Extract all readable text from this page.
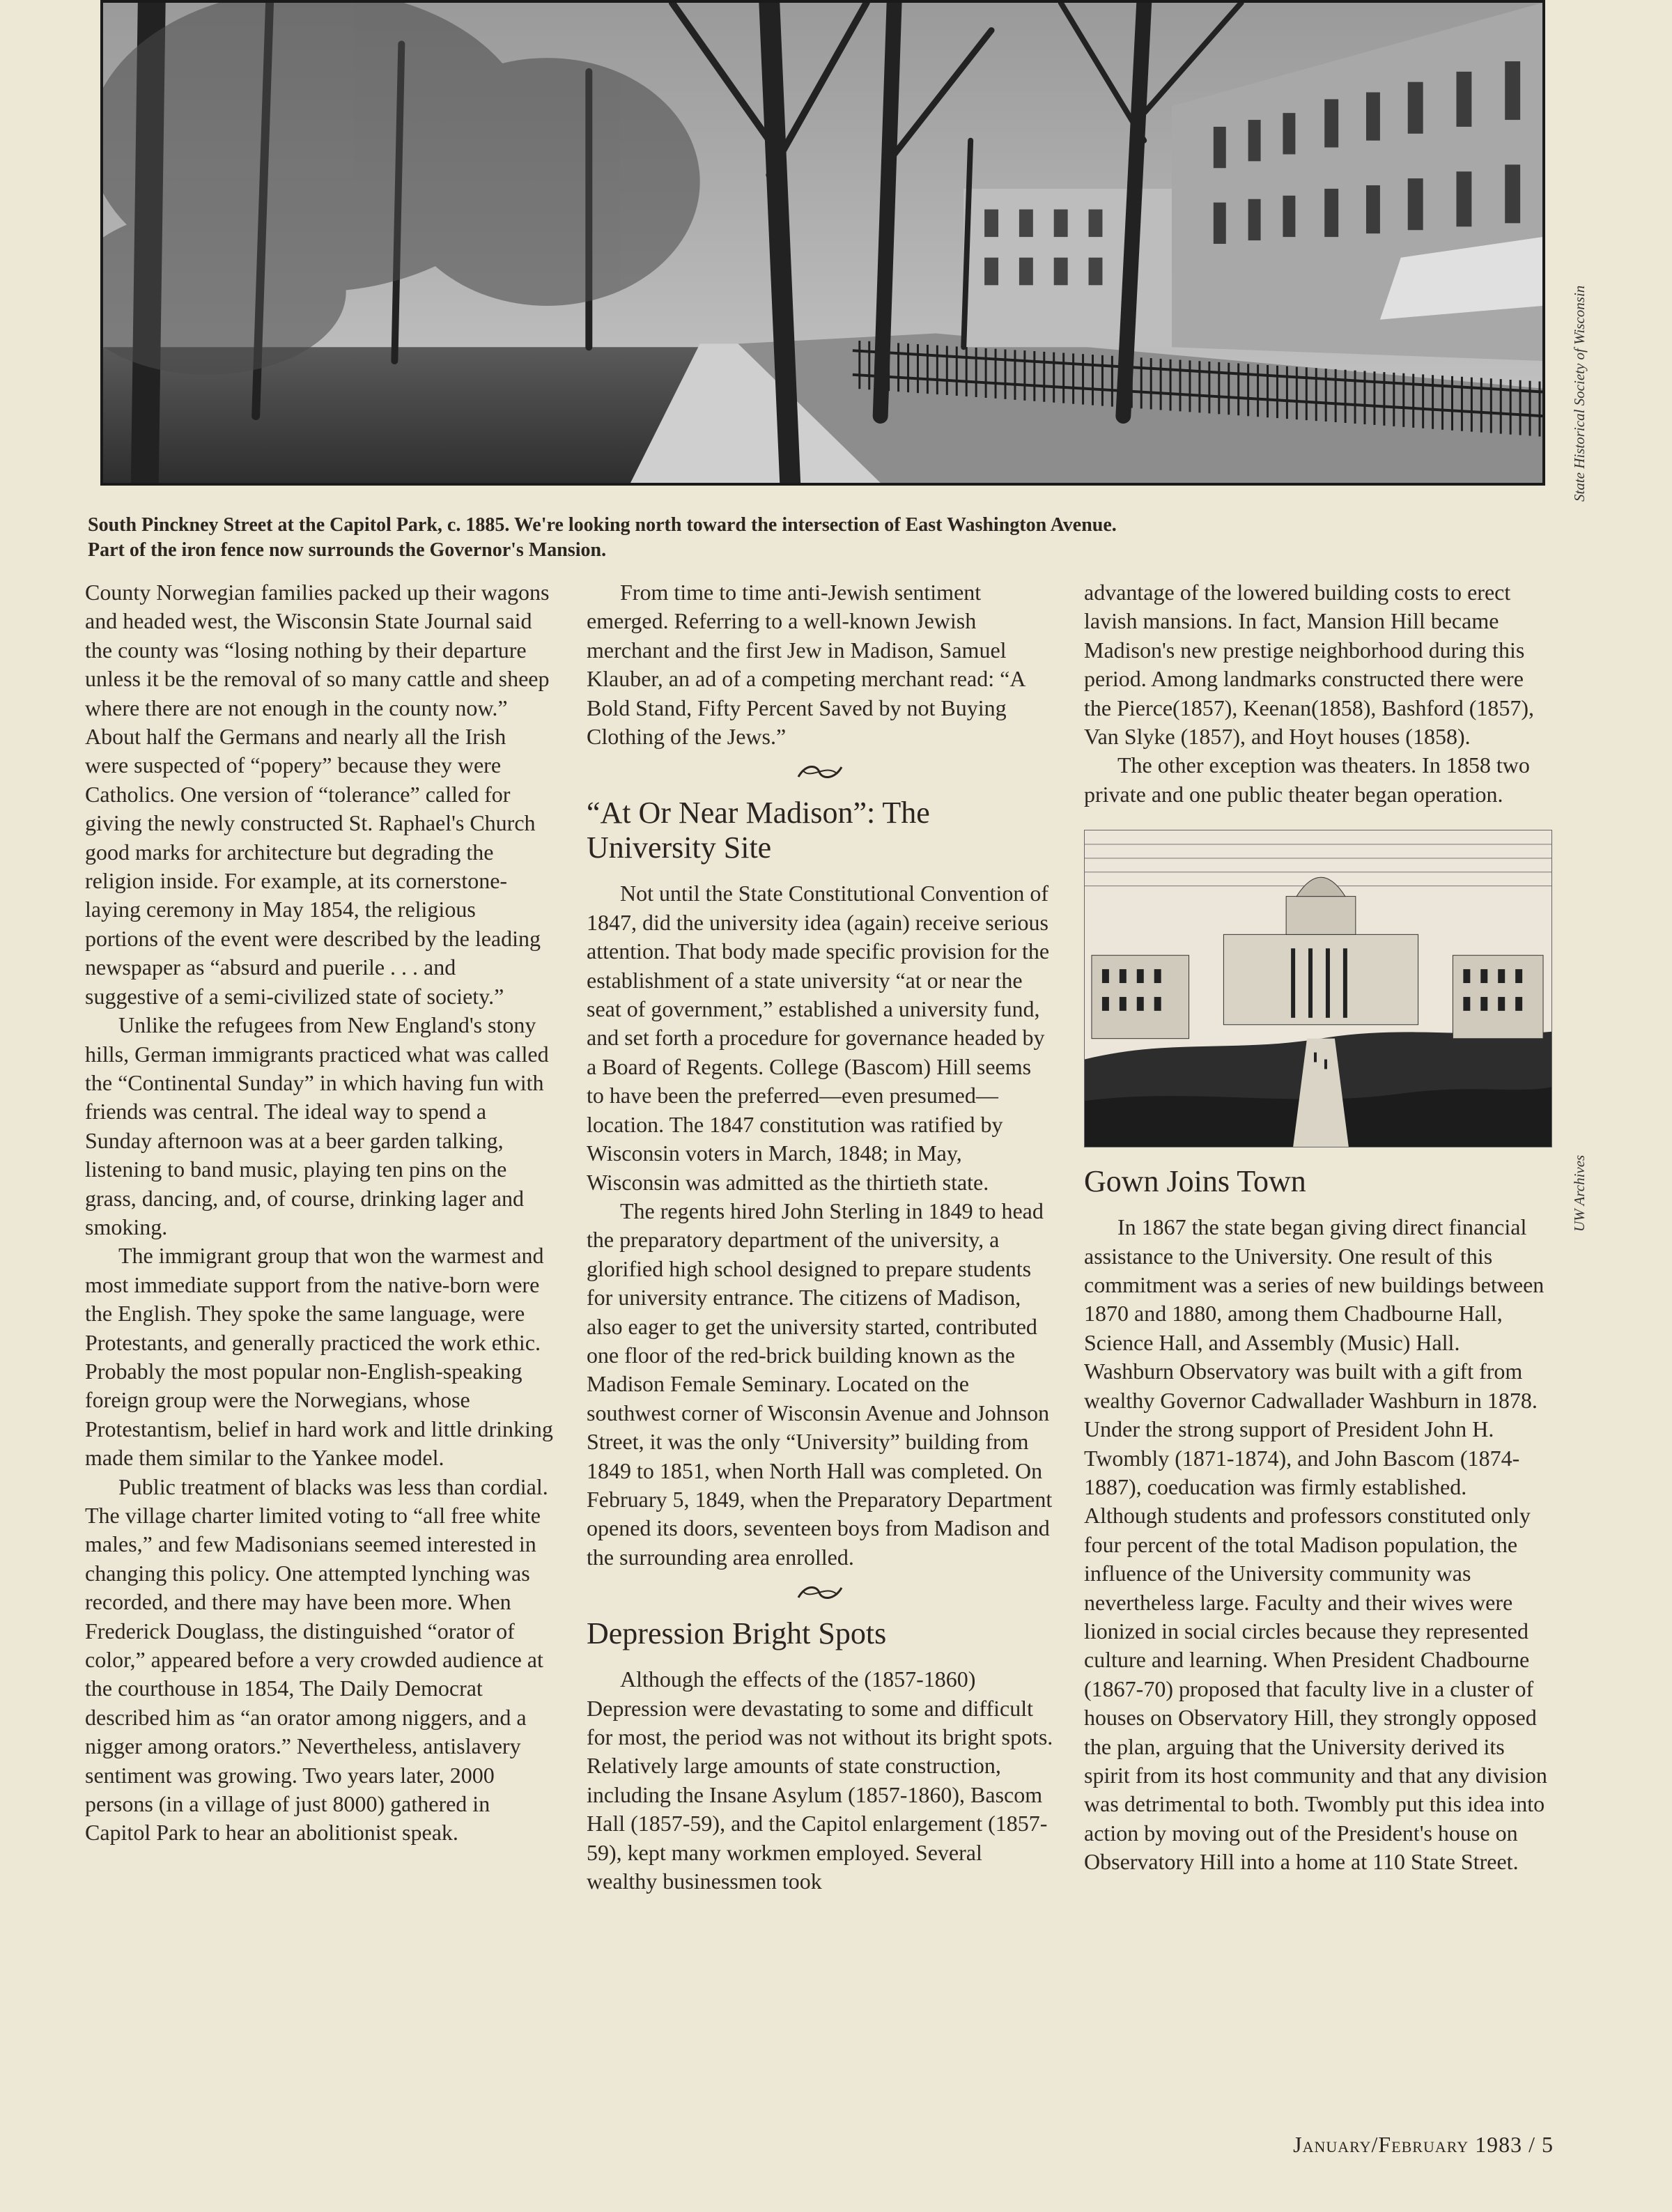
State Historical Society of Wisconsin
South Pinckney Street at the Capitol Park, c. 1885. We're looking north toward the intersection of East Washington Avenue.
Part of the iron fence now surrounds the Governor's Mansion.

County Norwegian families packed up their wagons and headed west, the Wisconsin State Journal said the county was “losing nothing by their departure unless it be the removal of so many cattle and sheep where there are not enough in the county now.” About half the Germans and nearly all the Irish were suspected of “popery” because they were Catholics. One version of “tolerance” called for giving the newly constructed St. Raphael's Church good marks for architecture but degrading the religion inside. For example, at its cornerstone-laying ceremony in May 1854, the religious portions of the event were described by the leading newspaper as “absurd and puerile . . . and suggestive of a semi-civilized state of society.”

Unlike the refugees from New England's stony hills, German immigrants practiced what was called the “Continental Sunday” in which having fun with friends was central. The ideal way to spend a Sunday afternoon was at a beer garden talking, listening to band music, playing ten pins on the grass, dancing, and, of course, drinking lager and smoking.

The immigrant group that won the warmest and most immediate support from the native-born were the English. They spoke the same language, were Protestants, and generally practiced the work ethic. Probably the most popular non-English-speaking foreign group were the Norwegians, whose Protestantism, belief in hard work and little drinking made them similar to the Yankee model.

Public treatment of blacks was less than cordial. The village charter limited voting to “all free white males,” and few Madisonians seemed interested in changing this policy. One attempted lynching was recorded, and there may have been more. When Frederick Douglass, the distinguished “orator of color,” appeared before a very crowded audience at the courthouse in 1854, The Daily Democrat described him as “an orator among niggers, and a nigger among orators.” Nevertheless, antislavery sentiment was growing. Two years later, 2000 persons (in a village of just 8000) gathered in Capitol Park to hear an abolitionist speak.

From time to time anti-Jewish sentiment emerged. Referring to a well-known Jewish merchant and the first Jew in Madison, Samuel Klauber, an ad of a competing merchant read: “A Bold Stand, Fifty Percent Saved by not Buying Clothing of the Jews.”

“At Or Near Madison”: The University Site

Not until the State Constitutional Convention of 1847, did the university idea (again) receive serious attention. That body made specific provision for the establishment of a state university “at or near the seat of government,” established a university fund, and set forth a procedure for governance headed by a Board of Regents. College (Bascom) Hill seems to have been the preferred—even presumed—location. The 1847 constitution was ratified by Wisconsin voters in March, 1848; in May, Wisconsin was admitted as the thirtieth state.

The regents hired John Sterling in 1849 to head the preparatory department of the university, a glorified high school designed to prepare students for university entrance. The citizens of Madison, also eager to get the university started, contributed one floor of the red-brick building known as the Madison Female Seminary. Located on the southwest corner of Wisconsin Avenue and Johnson Street, it was the only “University” building from 1849 to 1851, when North Hall was completed. On February 5, 1849, when the Preparatory Department opened its doors, seventeen boys from Madison and the surrounding area enrolled.

Depression Bright Spots

Although the effects of the (1857-1860) Depression were devastating to some and difficult for most, the period was not without its bright spots. Relatively large amounts of state construction, including the Insane Asylum (1857-1860), Bascom Hall (1857-59), and the Capitol enlargement (1857-59), kept many workmen employed. Several wealthy businessmen took

advantage of the lowered building costs to erect lavish mansions. In fact, Mansion Hill became Madison's new prestige neighborhood during this period. Among landmarks constructed there were the Pierce(1857), Keenan(1858), Bashford (1857), Van Slyke (1857), and Hoyt houses (1858).

The other exception was theaters. In 1858 two private and one public theater began operation.

Gown Joins Town

In 1867 the state began giving direct financial assistance to the University. One result of this commitment was a series of new buildings between 1870 and 1880, among them Chadbourne Hall, Science Hall, and Assembly (Music) Hall. Washburn Observatory was built with a gift from wealthy Governor Cadwallader Washburn in 1878. Under the strong support of President John H. Twombly (1871-1874), and John Bascom (1874-1887), coeducation was firmly established. Although students and professors constituted only four percent of the total Madison population, the influence of the University community was nevertheless large. Faculty and their wives were lionized in social circles because they represented culture and learning. When President Chadbourne (1867-70) proposed that faculty live in a cluster of houses on Observatory Hill, they strongly opposed the plan, arguing that the University derived its spirit from its host community and that any division was detrimental to both. Twombly put this idea into action by moving out of the President's house on Observatory Hill into a home at 110 State Street.

UW Archives
January/February 1983 / 5
